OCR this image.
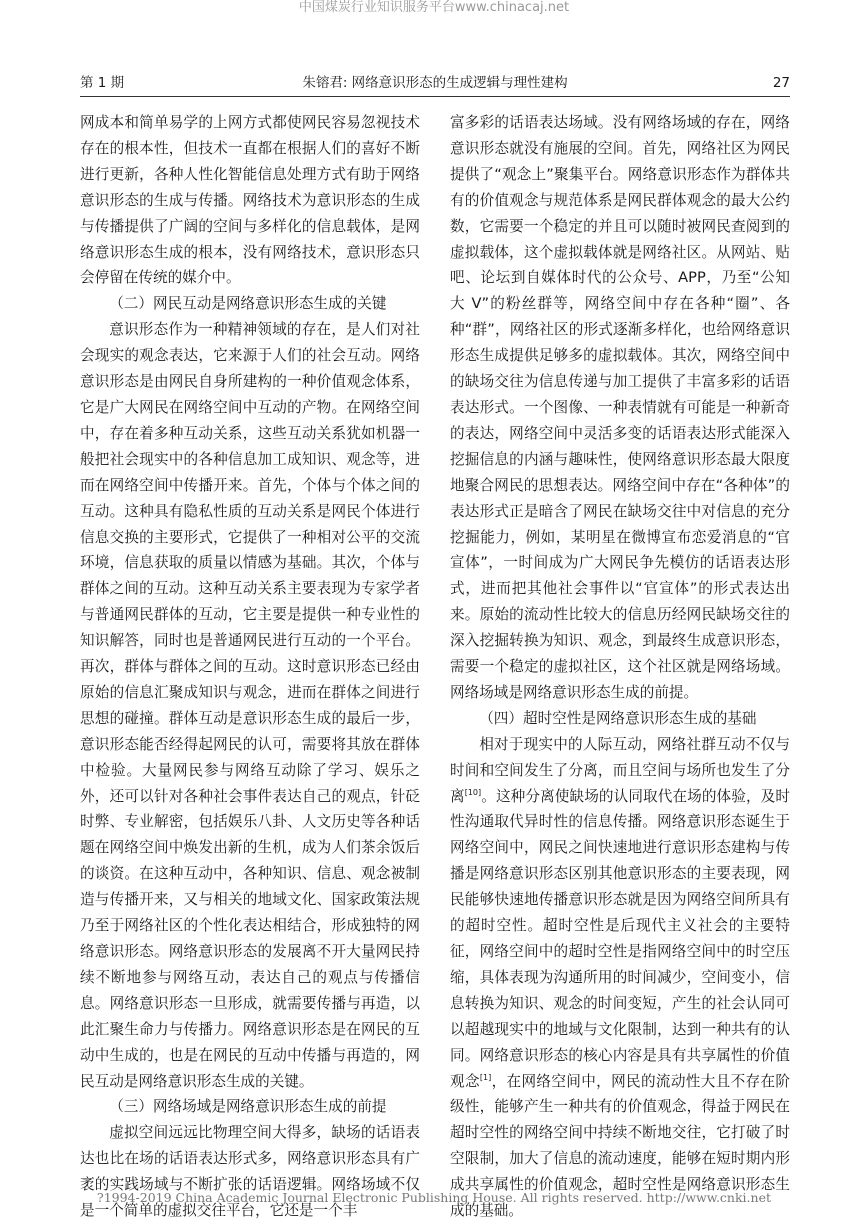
中国煤炭行业知识服务平台www.chinacaj.net
第 1 期	朱镕君: 网络意识形态的生成逻辑与理性建构	27

网成本和简单易学的上网方式都使网民容易忽视技术存在的根本性，但技术一直都在根据人们的喜好不断进行更新，各种人性化智能信息处理方式有助于网络意识形态的生成与传播。网络技术为意识形态的生成与传播提供了广阔的空间与多样化的信息载体，是网络意识形态生成的根本，没有网络技术，意识形态只会停留在传统的媒介中。

（二）网民互动是网络意识形态生成的关键

意识形态作为一种精神领域的存在，是人们对社会现实的观念表达，它来源于人们的社会互动。网络意识形态是由网民自身所建构的一种价值观念体系，它是广大网民在网络空间中互动的产物。在网络空间中，存在着多种互动关系，这些互动关系犹如机器一般把社会现实中的各种信息加工成知识、观念等，进而在网络空间中传播开来。首先，个体与个体之间的互动。这种具有隐私性质的互动关系是网民个体进行信息交换的主要形式，它提供了一种相对公平的交流环境，信息获取的质量以情感为基础。其次，个体与群体之间的互动。这种互动关系主要表现为专家学者与普通网民群体的互动，它主要是提供一种专业性的知识解答，同时也是普通网民进行互动的一个平台。再次，群体与群体之间的互动。这时意识形态已经由原始的信息汇聚成知识与观念，进而在群体之间进行思想的碰撞。群体互动是意识形态生成的最后一步，意识形态能否经得起网民的认可，需要将其放在群体中检验。大量网民参与网络互动除了学习、娱乐之外，还可以针对各种社会事件表达自己的观点，针砭时弊、专业解密，包括娱乐八卦、人文历史等各种话题在网络空间中焕发出新的生机，成为人们茶余饭后的谈资。在这种互动中，各种知识、信息、观念被制造与传播开来，又与相关的地域文化、国家政策法规乃至于网络社区的个性化表达相结合，形成独特的网络意识形态。网络意识形态的发展离不开大量网民持续不断地参与网络互动，表达自己的观点与传播信息。网络意识形态一旦形成，就需要传播与再造，以此汇聚生命力与传播力。网络意识形态是在网民的互动中生成的，也是在网民的互动中传播与再造的，网民互动是网络意识形态生成的关键。

（三）网络场域是网络意识形态生成的前提

虚拟空间远远比物理空间大得多，缺场的话语表达也比在场的话语表达形式多，网络意识形态具有广袤的实践场域与不断扩张的话语逻辑。网络场域不仅是一个简单的虚拟交往平台，它还是一个丰

富多彩的话语表达场域。没有网络场域的存在，网络意识形态就没有施展的空间。首先，网络社区为网民提供了“观念上”聚集平台。网络意识形态作为群体共有的价值观念与规范体系是网民群体观念的最大公约数，它需要一个稳定的并且可以随时被网民查阅到的虚拟载体，这个虚拟载体就是网络社区。从网站、贴吧、论坛到自媒体时代的公众号、APP，乃至“公知大 V”的粉丝群等，网络空间中存在各种“圈”、各种“群”，网络社区的形式逐渐多样化，也给网络意识形态生成提供足够多的虚拟载体。其次，网络空间中的缺场交往为信息传递与加工提供了丰富多彩的话语表达形式。一个图像、一种表情就有可能是一种新奇的表达，网络空间中灵活多变的话语表达形式能深入挖掘信息的内涵与趣味性，使网络意识形态最大限度地聚合网民的思想表达。网络空间中存在“各种体”的表达形式正是暗含了网民在缺场交往中对信息的充分挖掘能力，例如，某明星在微博宣布恋爱消息的“官宣体”，一时间成为广大网民争先模仿的话语表达形式，进而把其他社会事件以“官宣体”的形式表达出来。原始的流动性比较大的信息历经网民缺场交往的深入挖掘转换为知识、观念，到最终生成意识形态，需要一个稳定的虚拟社区，这个社区就是网络场域。网络场域是网络意识形态生成的前提。

（四）超时空性是网络意识形态生成的基础

相对于现实中的人际互动，网络社群互动不仅与时间和空间发生了分离，而且空间与场所也发生了分离[10]。这种分离使缺场的认同取代在场的体验，及时性沟通取代异时性的信息传播。网络意识形态诞生于网络空间中，网民之间快速地进行意识形态建构与传播是网络意识形态区别其他意识形态的主要表现，网民能够快速地传播意识形态就是因为网络空间所具有的超时空性。超时空性是后现代主义社会的主要特征，网络空间中的超时空性是指网络空间中的时空压缩，具体表现为沟通所用的时间减少，空间变小，信息转换为知识、观念的时间变短，产生的社会认同可以超越现实中的地域与文化限制，达到一种共有的认同。网络意识形态的核心内容是具有共享属性的价值观念[1]，在网络空间中，网民的流动性大且不存在阶级性，能够产生一种共有的价值观念，得益于网民在超时空性的网络空间中持续不断地交往，它打破了时空限制，加大了信息的流动速度，能够在短时期内形成共享属性的价值观念，超时空性是网络意识形态生成的基础。

?1994-2019 China Academic Journal Electronic Publishing House. All rights reserved. http://www.cnki.net
